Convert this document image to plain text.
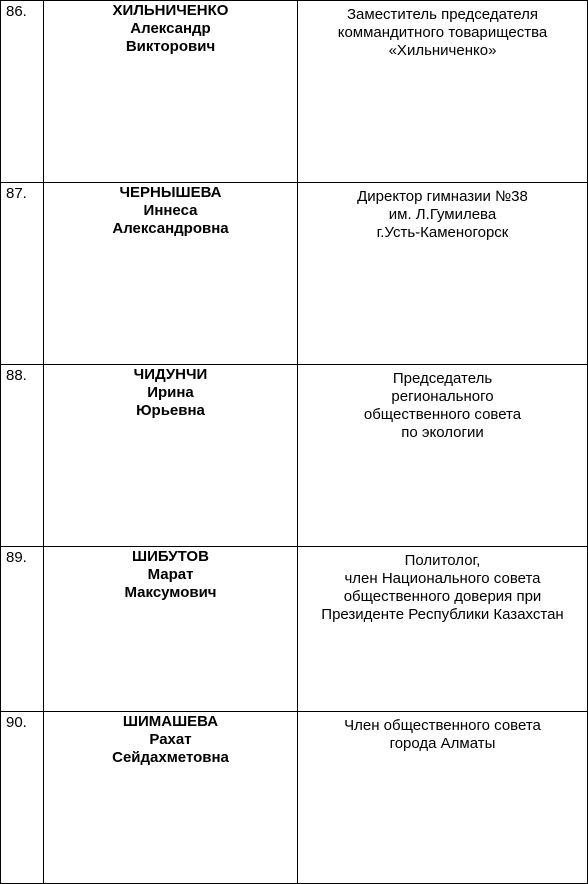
86.	ХИЛЬНИЧЕНКО
Александр
Викторович	Заместитель председателя
коммандитного товарищества
«Хильниченко»

87.	ЧЕРНЫШЕВА
Иннеса
Александровна	Директор гимназии №38
им. Л.Гумилева
г.Усть-Каменогорск

88.	ЧИДУНЧИ
Ирина
Юрьевна	Председатель
регионального
общественного совета
по экологии

89.	ШИБУТОВ
Марат
Максумович	Политолог,
член Национального совета
общественного доверия при
Президенте Республики Казахстан

90.	ШИМАШЕВА
Рахат
Сейдахметовна	Член общественного совета
города Алматы
